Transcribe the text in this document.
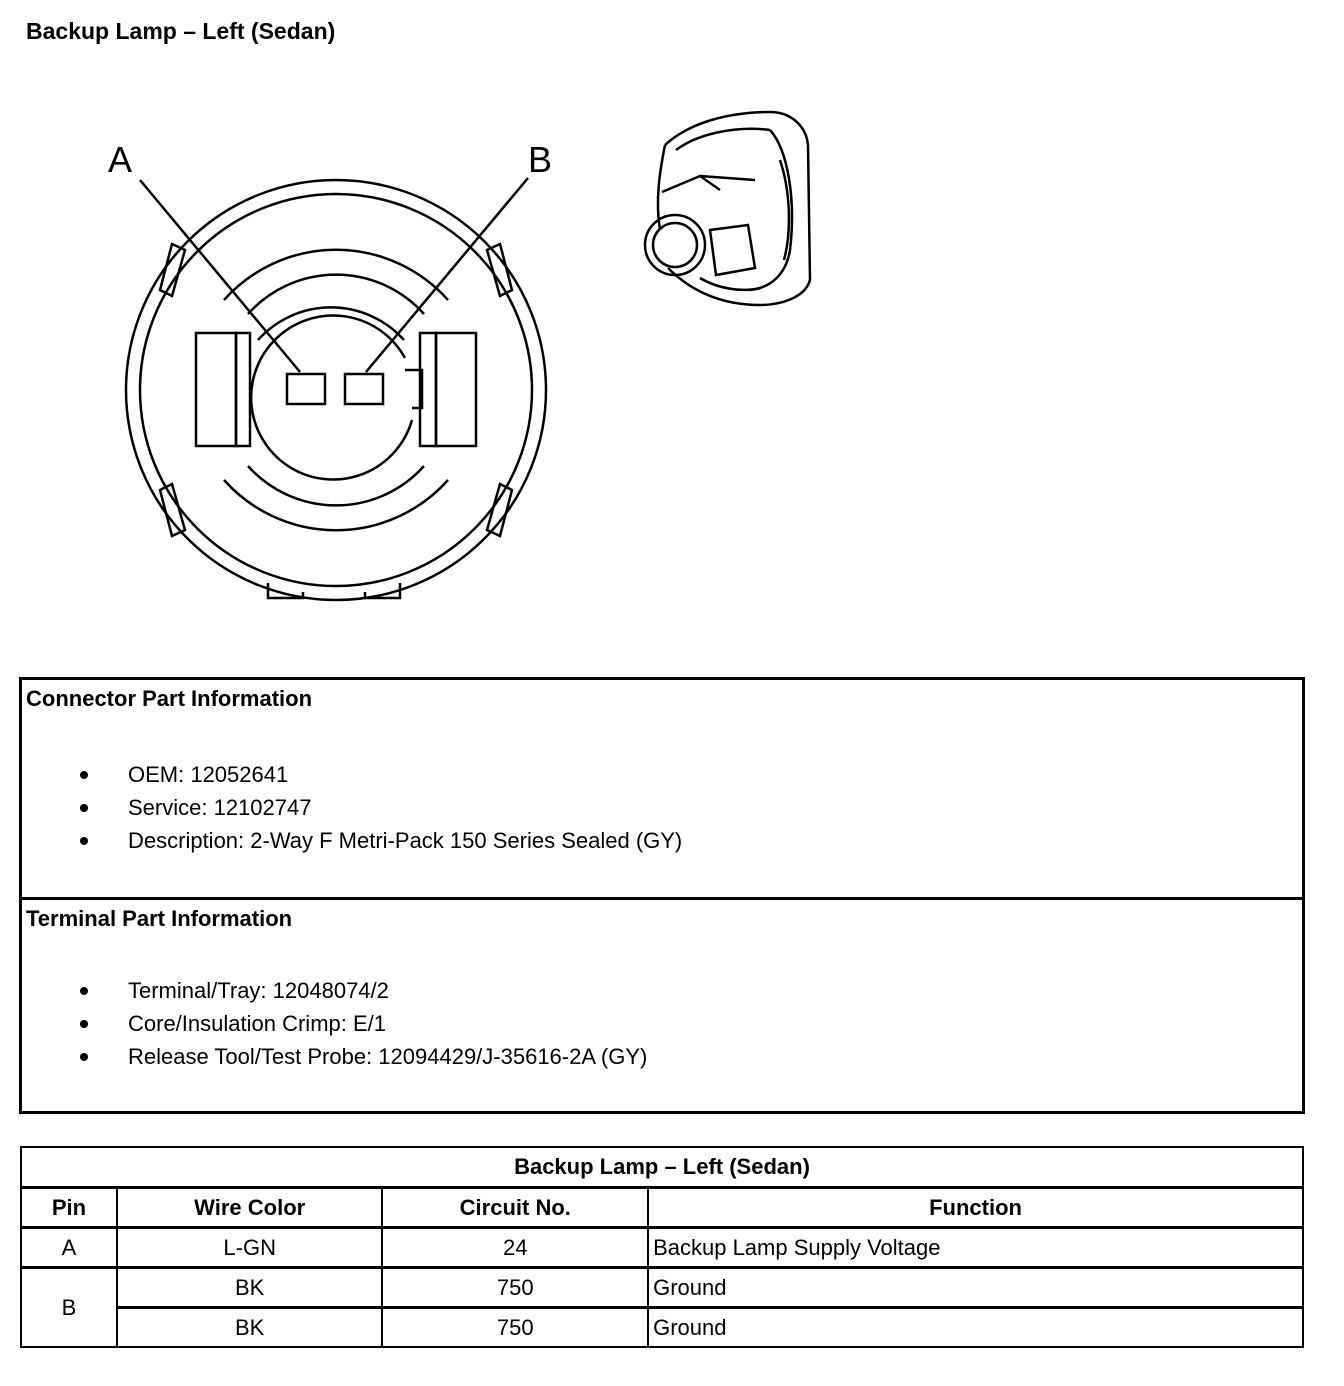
Backup Lamp – Left (Sedan)
A	B
Connector Part Information
OEM: 12052641
Service: 12102747
Description: 2-Way F Metri-Pack 150 Series Sealed (GY)
Terminal Part Information
Terminal/Tray: 12048074/2
Core/Insulation Crimp: E/1
Release Tool/Test Probe: 12094429/J-35616-2A (GY)
Backup Lamp – Left (Sedan)			
Pin	Wire Color	Circuit No.	Function
A	L-GN	24	Backup Lamp Supply Voltage
B	BK	750	Ground
	BK	750	Ground
